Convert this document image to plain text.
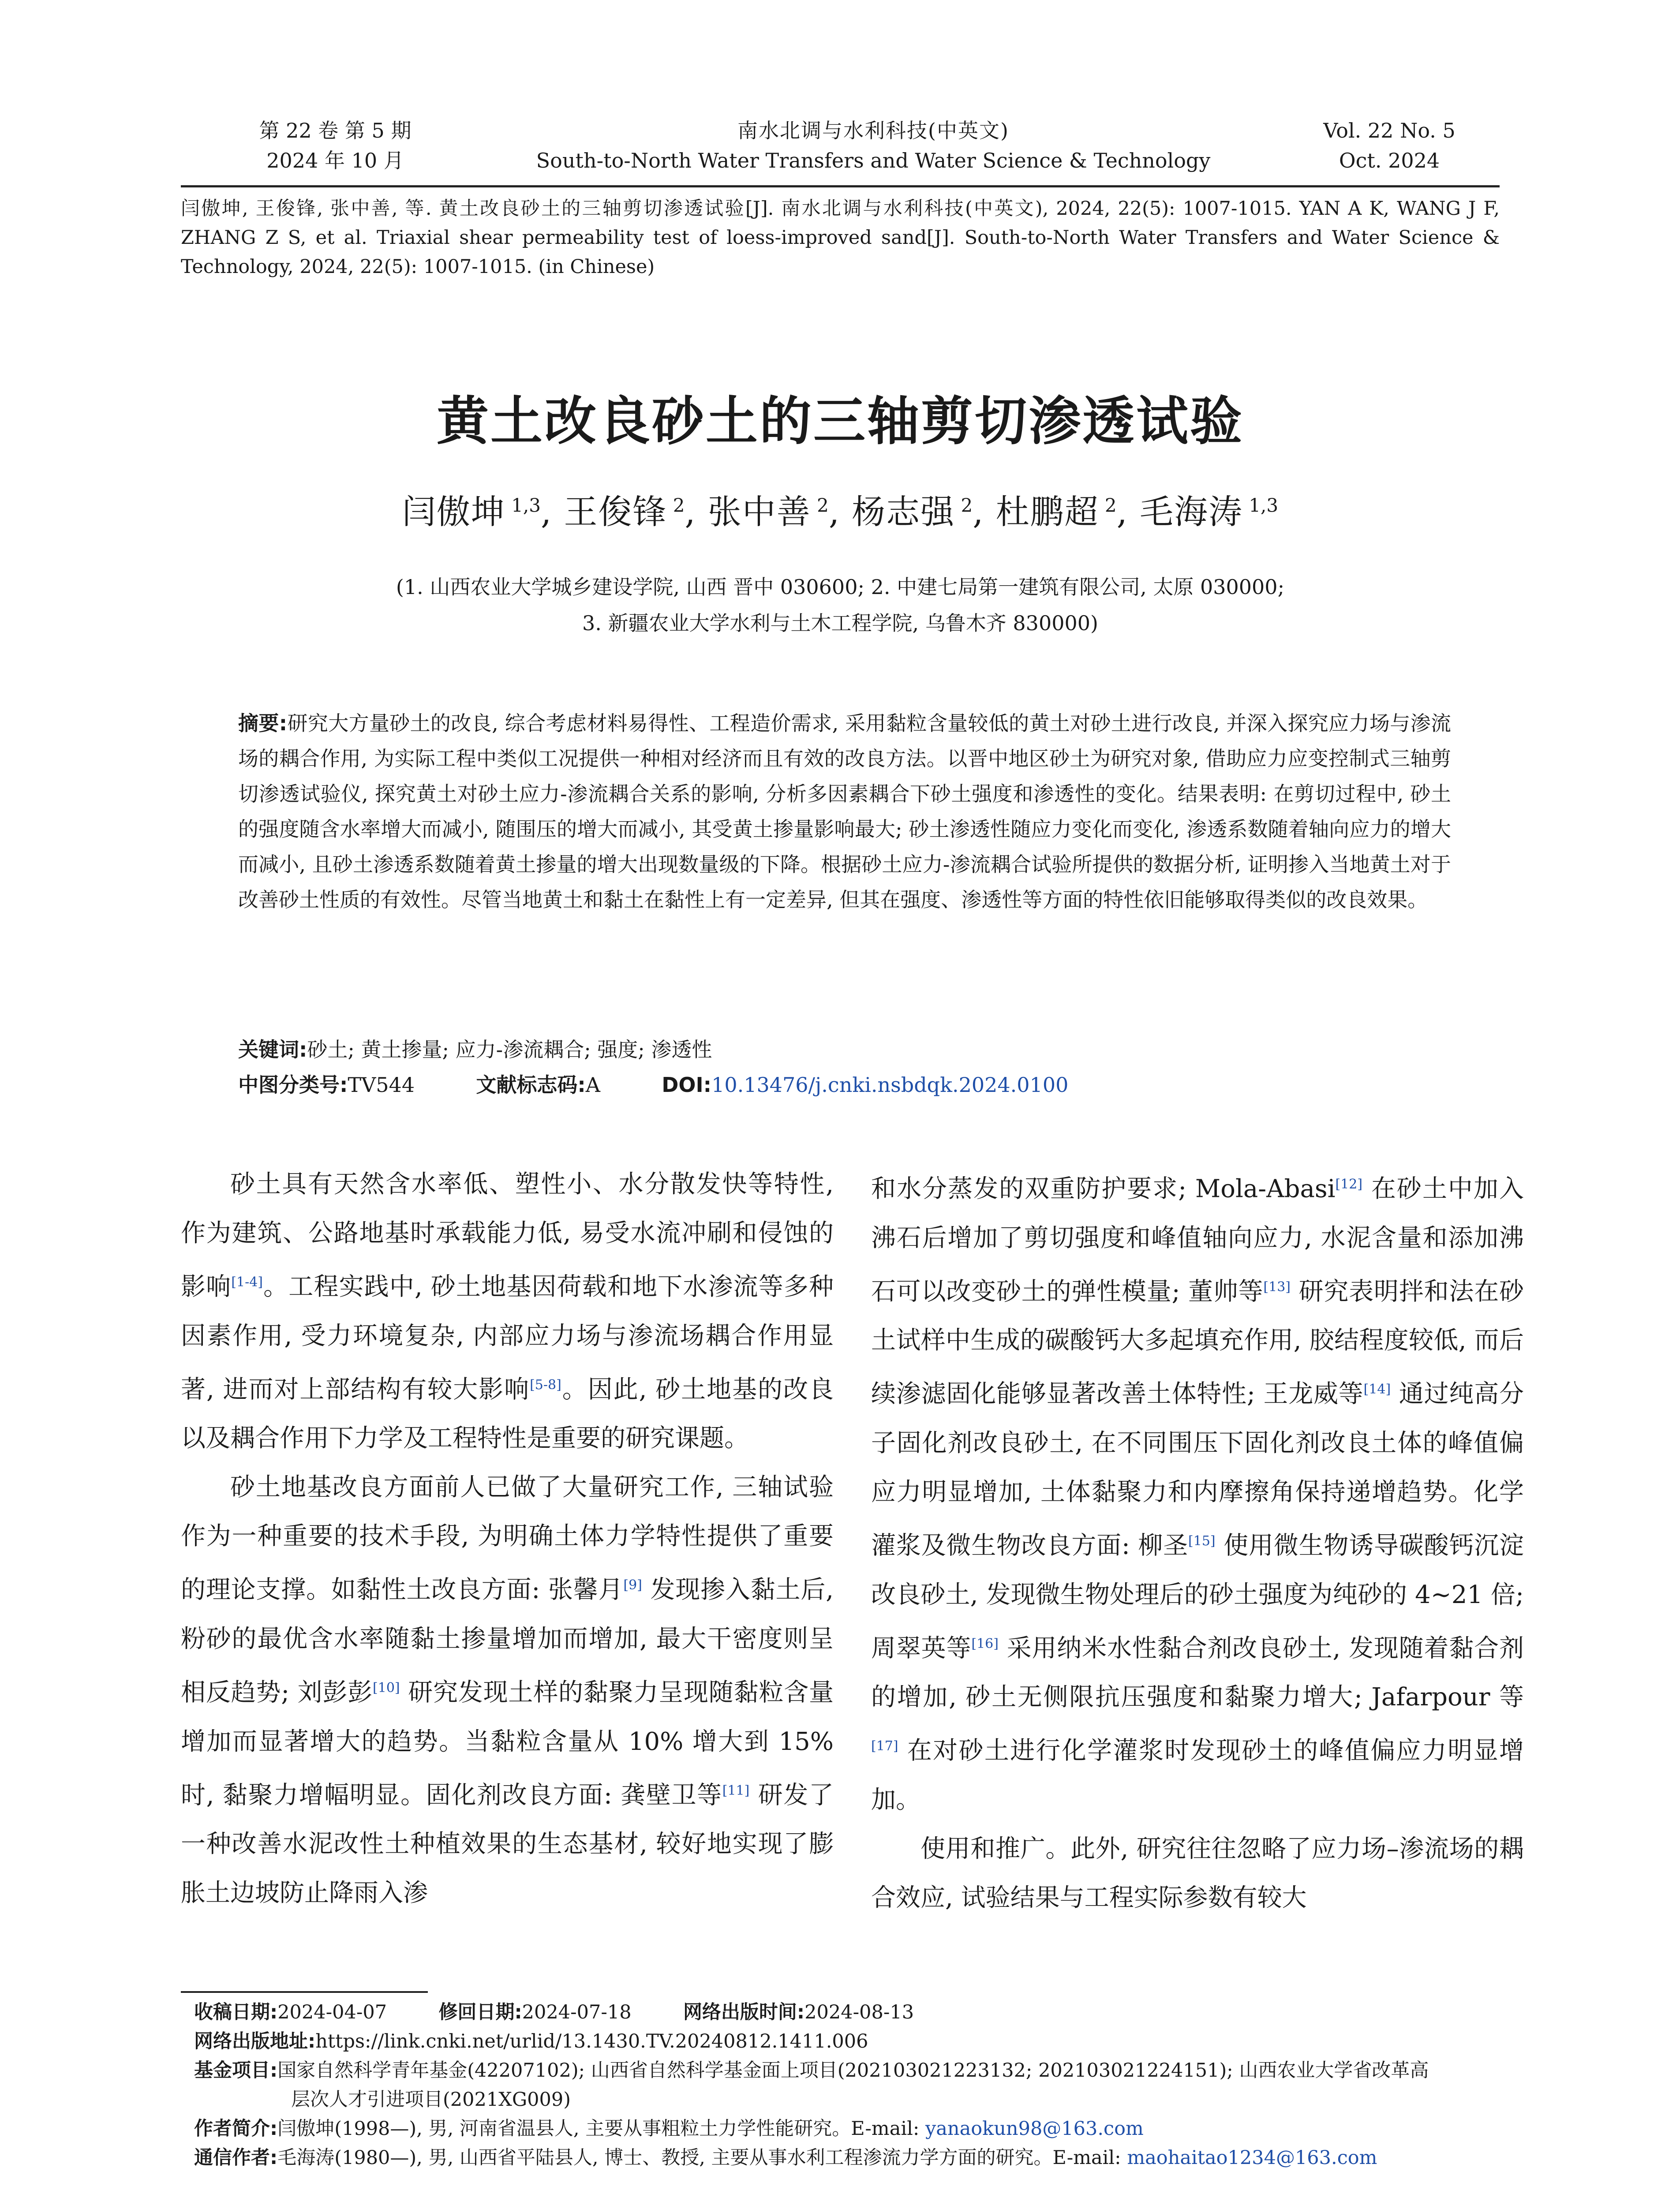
第 22 卷 第 5 期
2024 年 10 月
南水北调与水利科技(中英文)
South-to-North Water Transfers and Water Science & Technology
Vol. 22 No. 5
Oct. 2024
闫傲坤, 王俊锋, 张中善, 等. 黄土改良砂土的三轴剪切渗透试验[J]. 南水北调与水利科技(中英文), 2024, 22(5): 1007-1015. YAN A K, WANG J F, ZHANG Z S, et al. Triaxial shear permeability test of loess-improved sand[J]. South-to-North Water Transfers and Water Science & Technology, 2024, 22(5): 1007-1015. (in Chinese)
黄土改良砂土的三轴剪切渗透试验
闫傲坤 $^{1,3}$, 王俊锋 $^2$, 张中善 $^2$, 杨志强 $^2$, 杜鹏超 $^2$, 毛海涛 $^{1,3}$
(1. 山西农业大学城乡建设学院, 山西 晋中 030600; 2. 中建七局第一建筑有限公司, 太原 030000;
3. 新疆农业大学水利与土木工程学院, 乌鲁木齐 830000)
摘要:研究大方量砂土的改良, 综合考虑材料易得性、工程造价需求, 采用黏粒含量较低的黄土对砂土进行改良, 并深入探究应力场与渗流场的耦合作用, 为实际工程中类似工况提供一种相对经济而且有效的改良方法。以晋中地区砂土为研究对象, 借助应力应变控制式三轴剪切渗透试验仪, 探究黄土对砂土应力-渗流耦合关系的影响, 分析多因素耦合下砂土强度和渗透性的变化。结果表明: 在剪切过程中, 砂土的强度随含水率增大而减小, 随围压的增大而减小, 其受黄土掺量影响最大; 砂土渗透性随应力变化而变化, 渗透系数随着轴向应力的增大而减小, 且砂土渗透系数随着黄土掺量的增大出现数量级的下降。根据砂土应力-渗流耦合试验所提供的数据分析, 证明掺入当地黄土对于改善砂土性质的有效性。尽管当地黄土和黏土在黏性上有一定差异, 但其在强度、渗透性等方面的特性依旧能够取得类似的改良效果。
关键词:砂土; 黄土掺量; 应力-渗流耦合; 强度; 渗透性
中图分类号:TV544	文献标志码:A	DOI:10.13476/j.cnki.nsbdqk.2024.0100

砂土具有天然含水率低、塑性小、水分散发快等特性, 作为建筑、公路地基时承载能力低, 易受水流冲刷和侵蚀的影响[1-4]。工程实践中, 砂土地基因荷载和地下水渗流等多种因素作用, 受力环境复杂, 内部应力场与渗流场耦合作用显著, 进而对上部结构有较大影响[5-8]。因此, 砂土地基的改良以及耦合作用下力学及工程特性是重要的研究课题。

砂土地基改良方面前人已做了大量研究工作, 三轴试验作为一种重要的技术手段, 为明确土体力学特性提供了重要的理论支撑。如黏性土改良方面: 张馨月[9] 发现掺入黏土后, 粉砂的最优含水率随黏土掺量增加而增加, 最大干密度则呈相反趋势; 刘彭彭[10] 研究发现土样的黏聚力呈现随黏粒含量增加而显著增大的趋势。当黏粒含量从 10% 增大到 15% 时, 黏聚力增幅明显。固化剂改良方面: 龚壁卫等[11] 研发了一种改善水泥改性土种植效果的生态基材, 较好地实现了膨胀土边坡防止降雨入渗

和水分蒸发的双重防护要求; Mola-Abasi[12] 在砂土中加入沸石后增加了剪切强度和峰值轴向应力, 水泥含量和添加沸石可以改变砂土的弹性模量; 董帅等[13] 研究表明拌和法在砂土试样中生成的碳酸钙大多起填充作用, 胶结程度较低, 而后续渗滤固化能够显著改善土体特性; 王龙威等[14] 通过纯高分子固化剂改良砂土, 在不同围压下固化剂改良土体的峰值偏应力明显增加, 土体黏聚力和内摩擦角保持递增趋势。化学灌浆及微生物改良方面: 柳圣[15] 使用微生物诱导碳酸钙沉淀改良砂土, 发现微生物处理后的砂土强度为纯砂的 4~21 倍; 周翠英等[16] 采用纳米水性黏合剂改良砂土, 发现随着黏合剂的增加, 砂土无侧限抗压强度和黏聚力增大; Jafarpour 等[17] 在对砂土进行化学灌浆时发现砂土的峰值偏应力明显增加。

使用和推广。此外, 研究往往忽略了应力场–渗流场的耦合效应, 试验结果与工程实际参数有较大

收稿日期:2024-04-07	修回日期:2024-07-18	网络出版时间:2024-08-13
网络出版地址:https://link.cnki.net/urlid/13.1430.TV.20240812.1411.006
基金项目:国家自然科学青年基金(42207102); 山西省自然科学基金面上项目(202103021223132; 202103021224151); 山西农业大学省改革高
层次人才引进项目(2021XG009)
作者简介:闫傲坤(1998—), 男, 河南省温县人, 主要从事粗粒土力学性能研究。E-mail: yanaokun98@163.com
通信作者:毛海涛(1980—), 男, 山西省平陆县人, 博士、教授, 主要从事水利工程渗流力学方面的研究。E-mail: maohaitao1234@163.com
